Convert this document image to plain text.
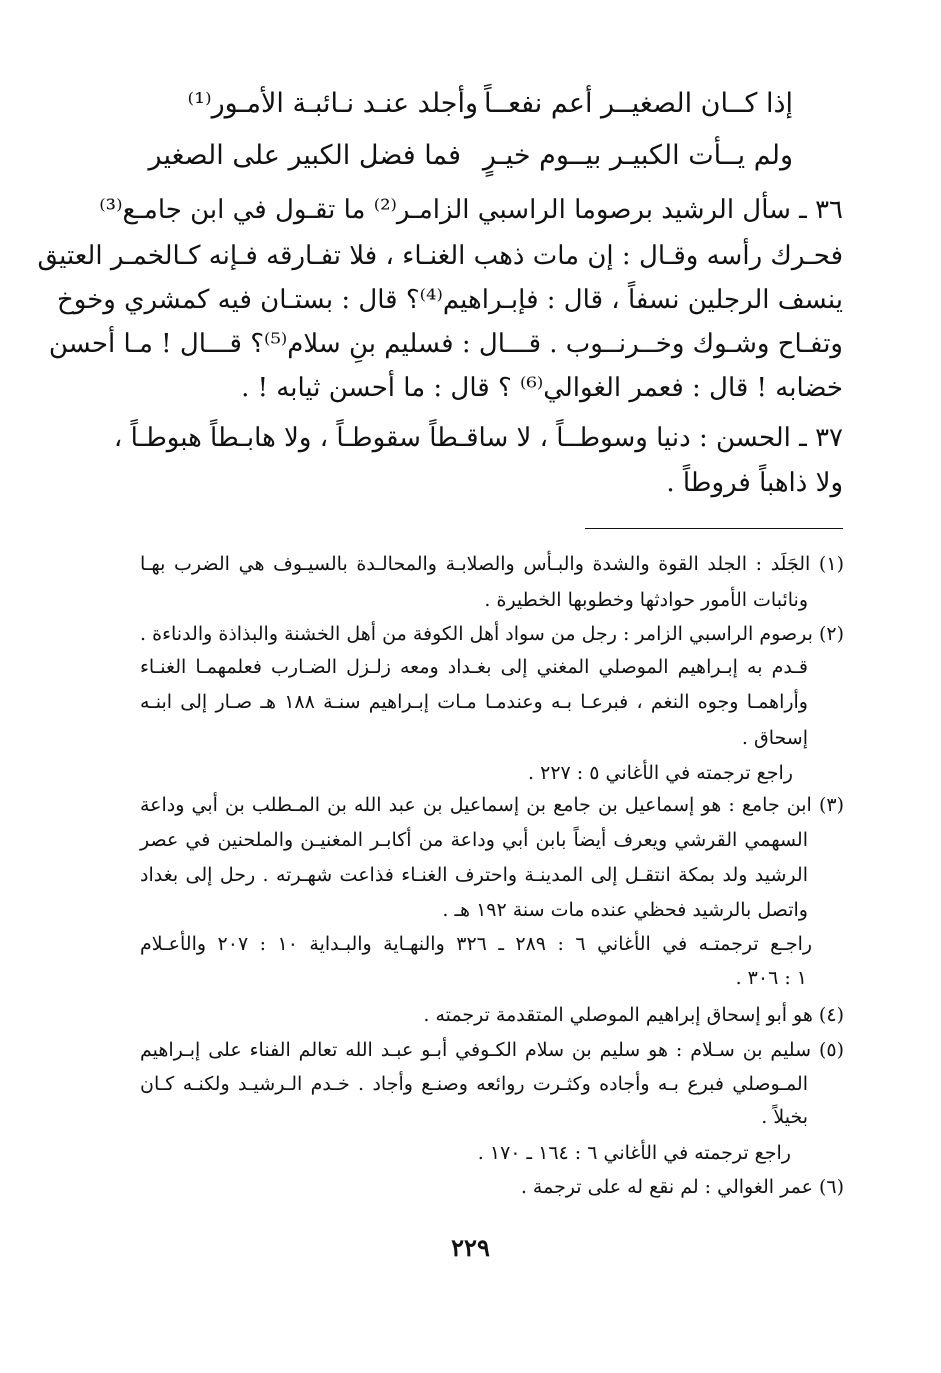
إذا كــان الصغيــر أعم نفعــاً
وأجلد عنـد نـائبـة الأمـور⁽¹⁾
ولم يــأت الكبيـر بيــوم خيـرٍ
فما فضل الكبير على الصغير
٣٦ ـ سأل الرشيد برصوما الراسبي الزامـر⁽²⁾ ما تقـول في ابن جامـع⁽³⁾
فحـرك رأسه وقـال : إن مات ذهب الغنـاء ، فلا تفـارقه فـإنه كـالخمـر العتيق
ينسف الرجلين نسفاً ، قال : فإبـراهيم⁽⁴⁾؟ قال : بستـان فيه كمشري وخوخ
وتفـاح وشـوك وخــرنــوب . قـــال : فسليم بنِ سلام⁽⁵⁾؟ قـــال ! مـا أحسن
خضابه ! قال : فعمر الغوالي⁽⁶⁾ ؟ قال : ما أحسن ثيابه ! .
٣٧ ـ الحسن : دنيا وسوطــاً ، لا ساقـطاً سقوطـاً ، ولا هابـطاً هبوطـاً ،
ولا ذاهباً فروطاً .
(١) الجَلَد : الجلد القوة والشدة والبـأس والصلابـة والمحالـدة بالسيـوف هي الضرب بهـا
ونائبات الأمور حوادثها وخطوبها الخطيرة .
(٢) برصوم الراسبي الزامر : رجل من سواد أهل الكوفة من أهل الخشنة والبذاذة والدناءة .
قـدم به إبـراهيم الموصلي المغني إلى بغـداد ومعه زلـزل الضـارب فعلمهمـا الغنـاء
وأراهمـا وجوه النغم ، فبرعـا بـه وعندمـا مـات إبـراهيم سنـة ١٨٨ هـ صـار إلى ابنـه
إسحاق .
راجع ترجمته في الأغاني ٥ : ٢٢٧ .
(٣) ابن جامع : هو إسماعيل بن جامع بن إسماعيل بن عبد الله بن المـطلب بن أبي وداعة
السهمي القرشي ويعرف أيضاً بابن أبي وداعة من أكابـر المغنيـن والملحنين في عصر
الرشيد ولد بمكة انتقـل إلى المدينـة واحترف الغنـاء فذاعت شهـرته . رحل إلى بغداد
واتصل بالرشيد فحظي عنده مات سنة ١٩٢ هـ .
راجـع ترجمتـه في الأغاني ٦ : ٢٨٩ ـ ٣٢٦ والنهـاية والبـداية ١٠ : ٢٠٧ والأعـلام
١ : ٣٠٦ .
(٤) هو أبو إسحاق إبراهيم الموصلي المتقدمة ترجمته .
(٥) سليم بن سـلام : هو سليم بن سلام الكـوفي أبـو عبـد الله تعالم الفناء على إبـراهيم
المـوصلي فبرع بـه وأجاده وكثـرت روائعه وصنـع وأجاد . خـدم الـرشيـد ولكنـه كـان
بخيلاً .
راجع ترجمته في الأغاني ٦ : ١٦٤ ـ ١٧٠ .
(٦) عمر الغوالي : لم نقع له على ترجمة .
٢٢٩
